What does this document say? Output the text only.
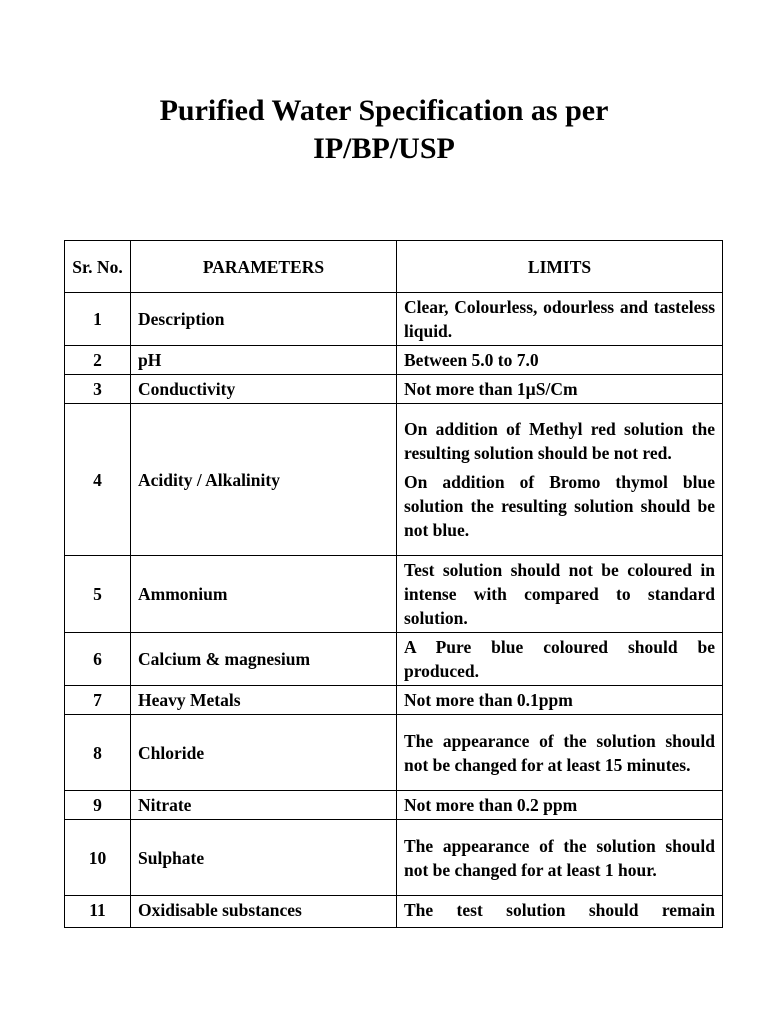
Purified Water Specification as per
IP/BP/USP
Sr. No.	PARAMETERS	LIMITS
1	Description	Clear, Colourless, odourless and tasteless liquid.

2	pH	Between 5.0 to 7.0

3	Conductivity	Not more than 1µS/Cm

4	Acidity / Alkalinity	On addition of Methyl red solution the resulting solution should be not red.

On addition of Bromo thymol blue solution the resulting solution should be not blue.

5	Ammonium	Test solution should not be coloured in intense with compared to standard solution.

6	Calcium & magnesium	A Pure blue coloured should be produced.

7	Heavy Metals	Not more than 0.1ppm

8	Chloride	The appearance of the solution should not be changed for at least 15 minutes.

9	Nitrate	Not more than 0.2 ppm

10	Sulphate	The appearance of the solution should not be changed for at least 1 hour.

11	Oxidisable substances	The test solution should remain
